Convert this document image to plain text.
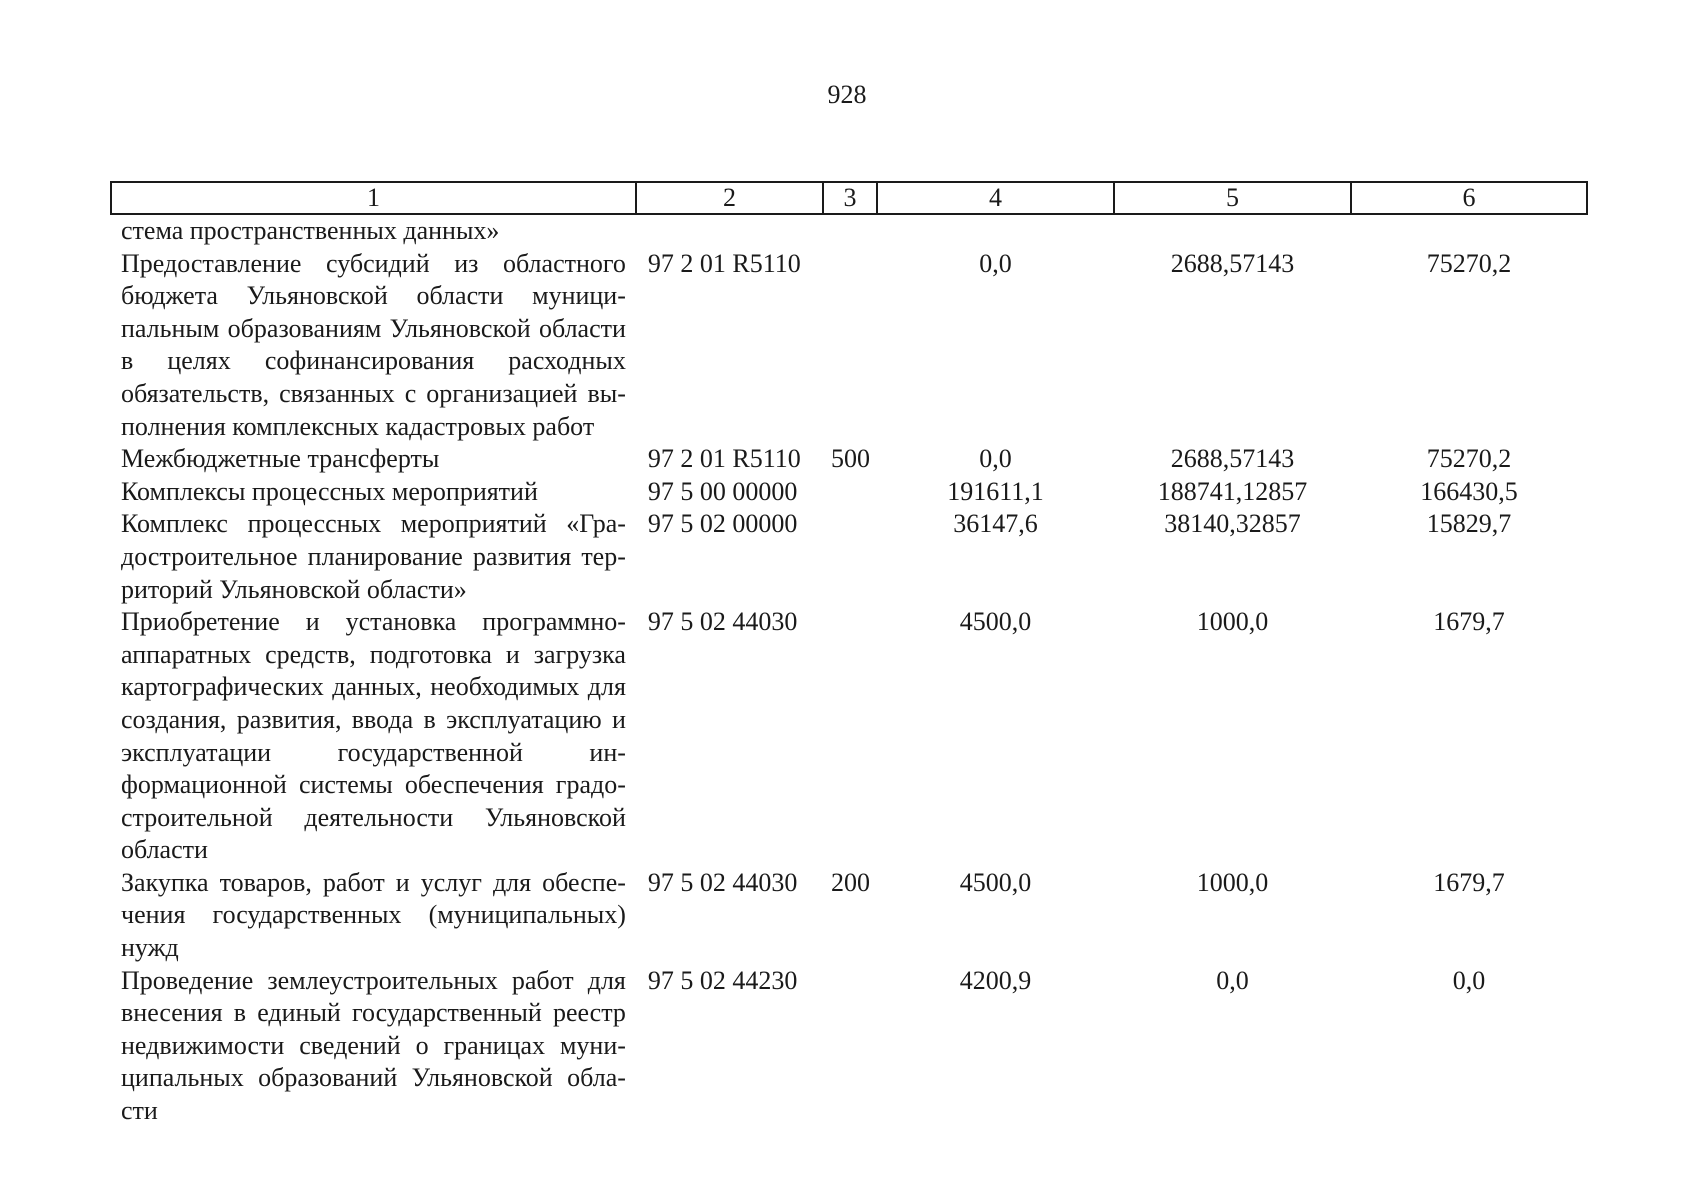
928
1	2	3	4	5	6
стема пространственных данных»					
Предоставление субсидий из областного бюджета Ульяновской области муниципальным образованиям Ульяновской области в целях софинансирования расходных обязательств, связанных с организацией выполнения комплексных кадастровых работ	97 2 01 R5110		0,0	2688,57143	75270,2
Межбюджетные трансферты	97 2 01 R5110	500	0,0	2688,57143	75270,2
Комплексы процессных мероприятий	97 5 00 00000		191611,1	188741,12857	166430,5
Комплекс процессных мероприятий «Градостроительное планирование развития территорий Ульяновской области»	97 5 02 00000		36147,6	38140,32857	15829,7
Приобретение и установка программно-аппаратных средств, подготовка и загрузка картографических данных, необходимых для создания, развития, ввода в эксплуатацию и эксплуатации государственной информационной системы обеспечения градостроительной деятельности Ульяновской области	97 5 02 44030		4500,0	1000,0	1679,7
Закупка товаров, работ и услуг для обеспечения государственных (муниципальных) нужд	97 5 02 44030	200	4500,0	1000,0	1679,7
Проведение землеустроительных работ для внесения в единый государственный реестр недвижимости сведений о границах муниципальных образований Ульяновской области	97 5 02 44230		4200,9	0,0	0,0
